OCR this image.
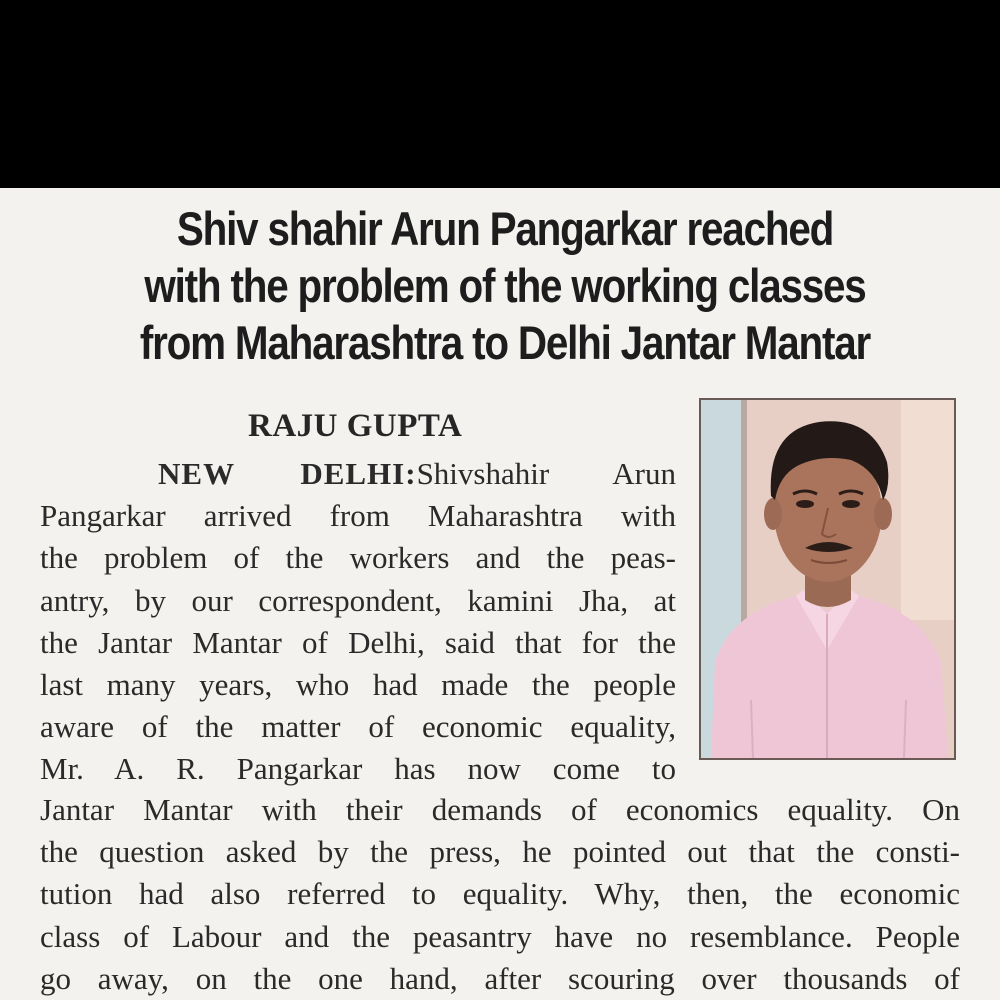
Shiv shahir Arun Pangarkar reached
with the problem of the working classes
from Maharashtra to Delhi Jantar Mantar
RAJU GUPTA
NEW DELHI:Shivshahir Arun
Pangarkar arrived from Maharashtra with
the problem of the workers and the peas-
antry, by our correspondent, kamini Jha, at
the Jantar Mantar of Delhi, said that for the
last many years, who had made the people
aware of the matter of economic equality,
Mr. A. R. Pangarkar has now come to
Jantar Mantar with their demands of economics equality. On
the question asked by the press, he pointed out that the consti-
tution had also referred to equality. Why, then, the economic
class of Labour and the peasantry have no resemblance. People
go away, on the one hand, after scouring over thousands of
